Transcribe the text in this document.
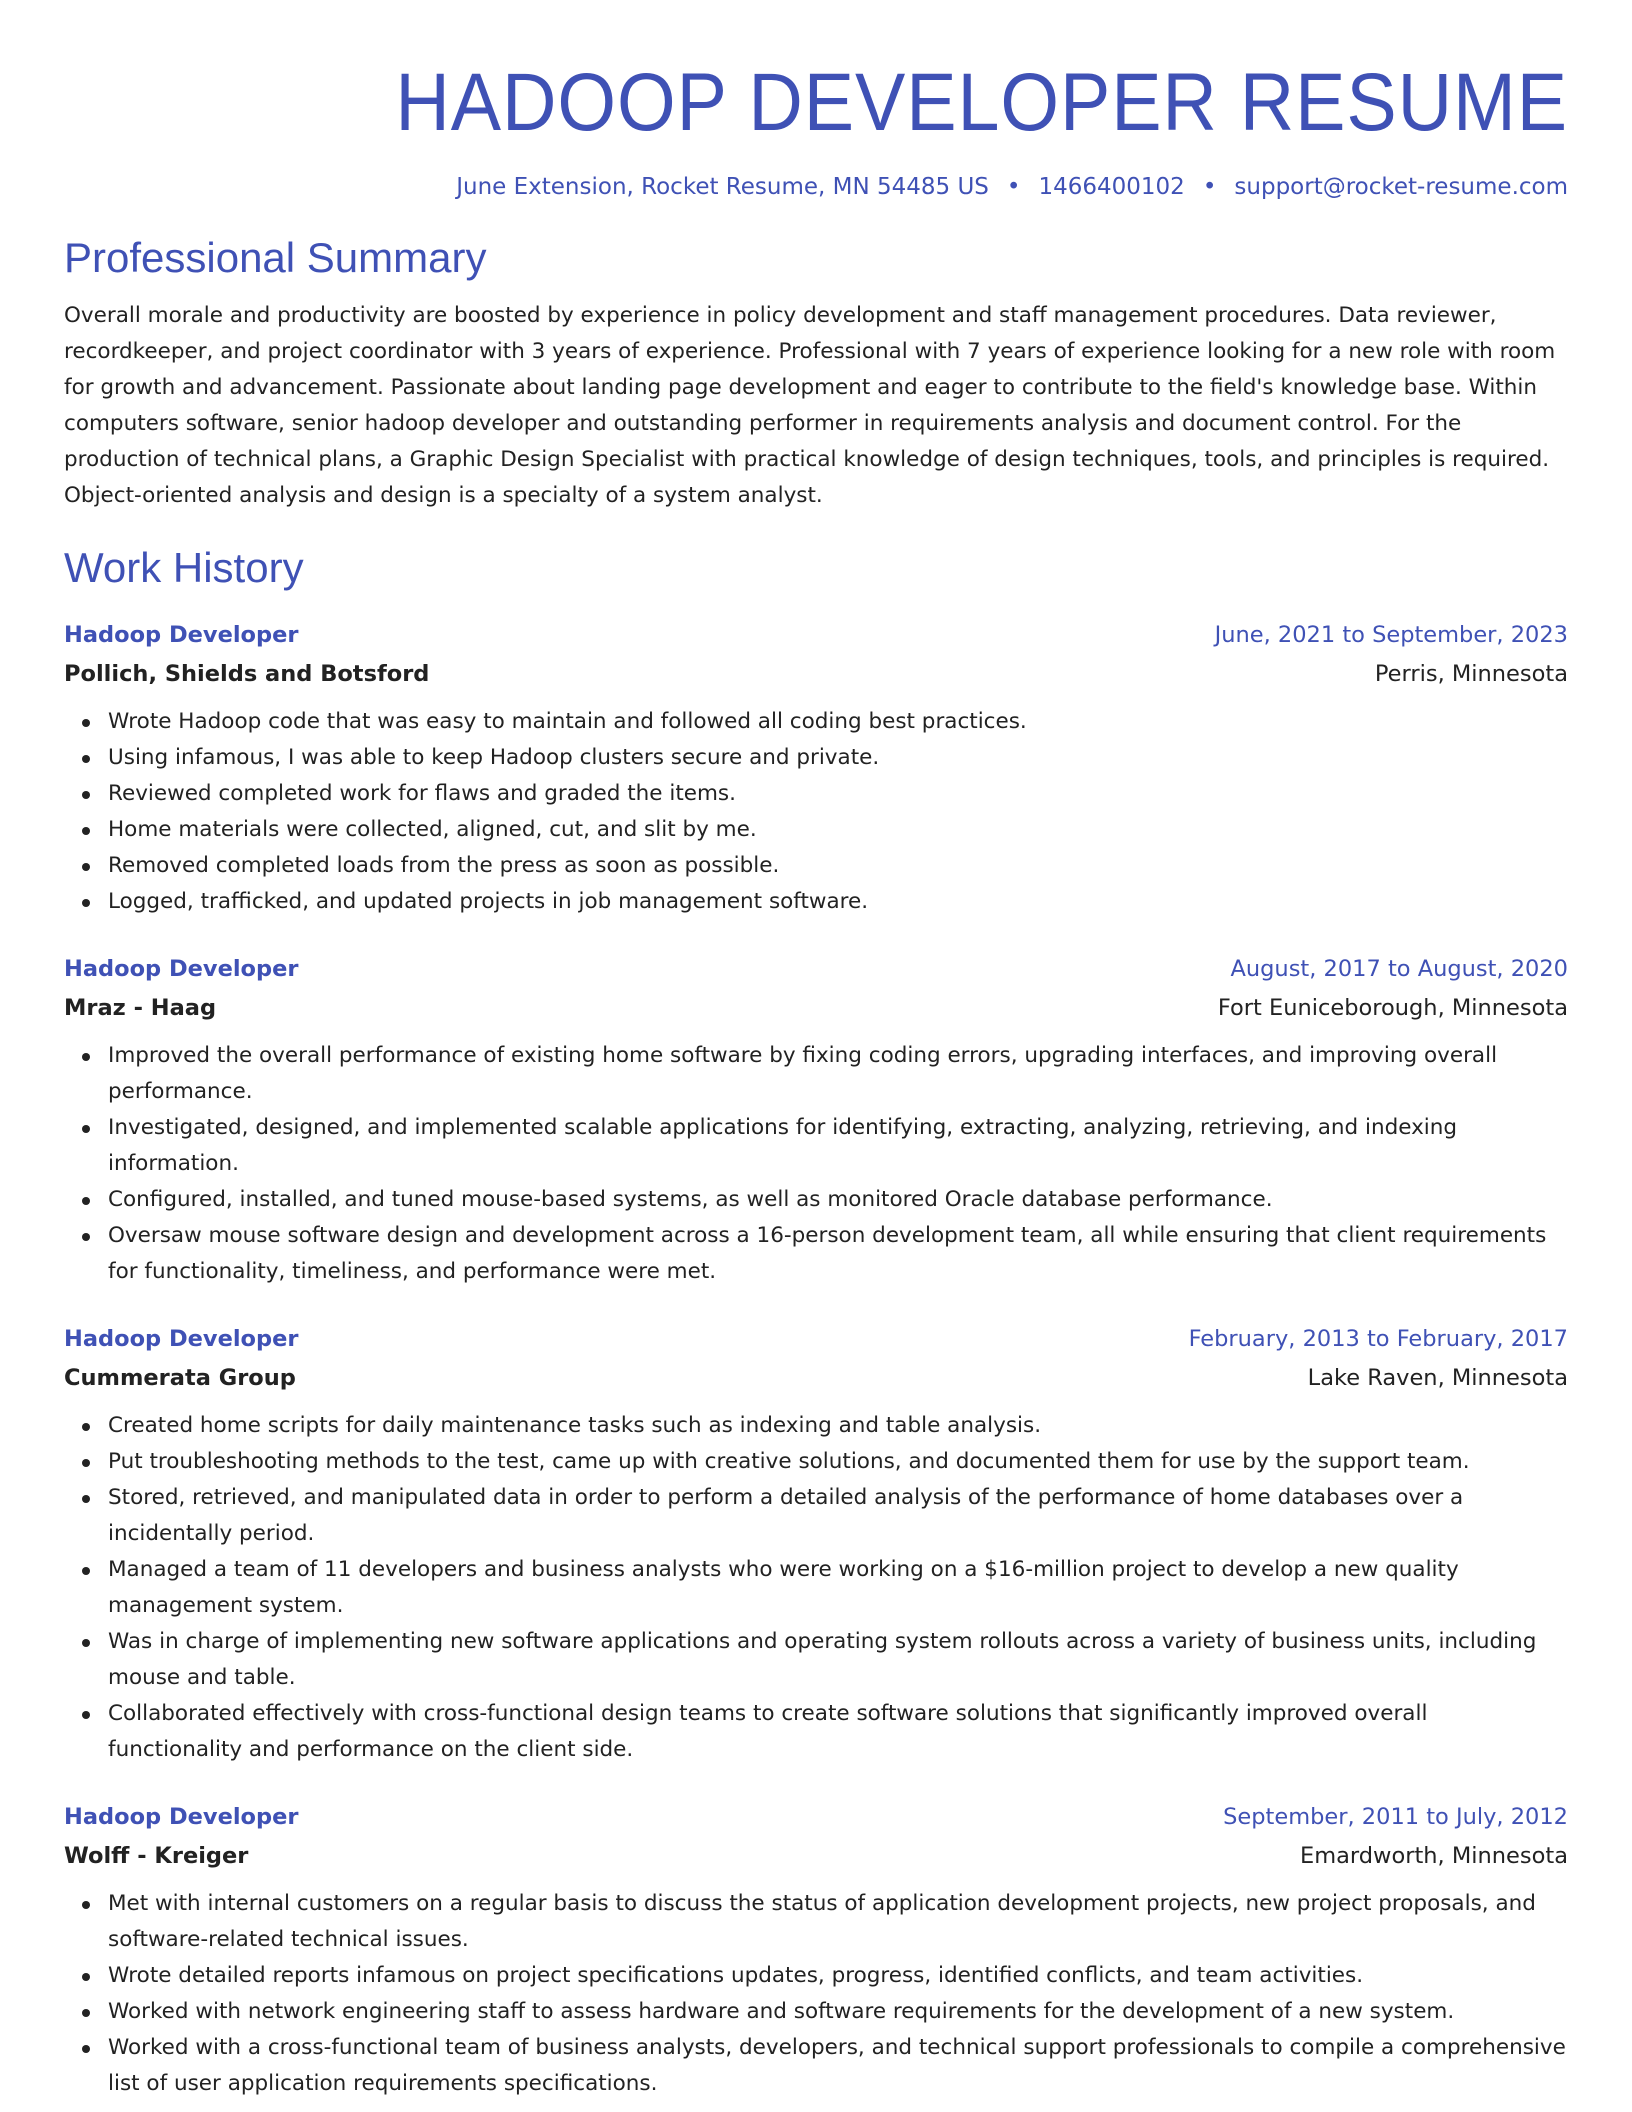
HADOOP DEVELOPER RESUME
June Extension, Rocket Resume, MN 54485 US • 1466400102 • support@rocket-resume.com
Professional Summary
Overall morale and productivity are boosted by experience in policy development and staff management procedures. Data reviewer, recordkeeper, and project coordinator with 3 years of experience. Professional with 7 years of experience looking for a new role with room for growth and advancement. Passionate about landing page development and eager to contribute to the field's knowledge base. Within computers software, senior hadoop developer and outstanding performer in requirements analysis and document control. For the production of technical plans, a Graphic Design Specialist with practical knowledge of design techniques, tools, and principles is required. Object-oriented analysis and design is a specialty of a system analyst.
Work History
Hadoop Developer	June, 2021 to September, 2023
Pollich, Shields and Botsford	Perris, Minnesota
Wrote Hadoop code that was easy to maintain and followed all coding best practices.
Using infamous, I was able to keep Hadoop clusters secure and private.
Reviewed completed work for flaws and graded the items.
Home materials were collected, aligned, cut, and slit by me.
Removed completed loads from the press as soon as possible.
Logged, trafficked, and updated projects in job management software.
Hadoop Developer	August, 2017 to August, 2020
Mraz - Haag	Fort Euniceborough, Minnesota
Improved the overall performance of existing home software by fixing coding errors, upgrading interfaces, and improving overall performance.
Investigated, designed, and implemented scalable applications for identifying, extracting, analyzing, retrieving, and indexing information.
Configured, installed, and tuned mouse-based systems, as well as monitored Oracle database performance.
Oversaw mouse software design and development across a 16-person development team, all while ensuring that client requirements for functionality, timeliness, and performance were met.
Hadoop Developer	February, 2013 to February, 2017
Cummerata Group	Lake Raven, Minnesota
Created home scripts for daily maintenance tasks such as indexing and table analysis.
Put troubleshooting methods to the test, came up with creative solutions, and documented them for use by the support team.
Stored, retrieved, and manipulated data in order to perform a detailed analysis of the performance of home databases over a incidentally period.
Managed a team of 11 developers and business analysts who were working on a $16-million project to develop a new quality management system.
Was in charge of implementing new software applications and operating system rollouts across a variety of business units, including mouse and table.
Collaborated effectively with cross-functional design teams to create software solutions that significantly improved overall functionality and performance on the client side.
Hadoop Developer	September, 2011 to July, 2012
Wolff - Kreiger	Emardworth, Minnesota
Met with internal customers on a regular basis to discuss the status of application development projects, new project proposals, and software-related technical issues.
Wrote detailed reports infamous on project specifications updates, progress, identified conflicts, and team activities.
Worked with network engineering staff to assess hardware and software requirements for the development of a new system.
Worked with a cross-functional team of business analysts, developers, and technical support professionals to compile a comprehensive list of user application requirements specifications.
